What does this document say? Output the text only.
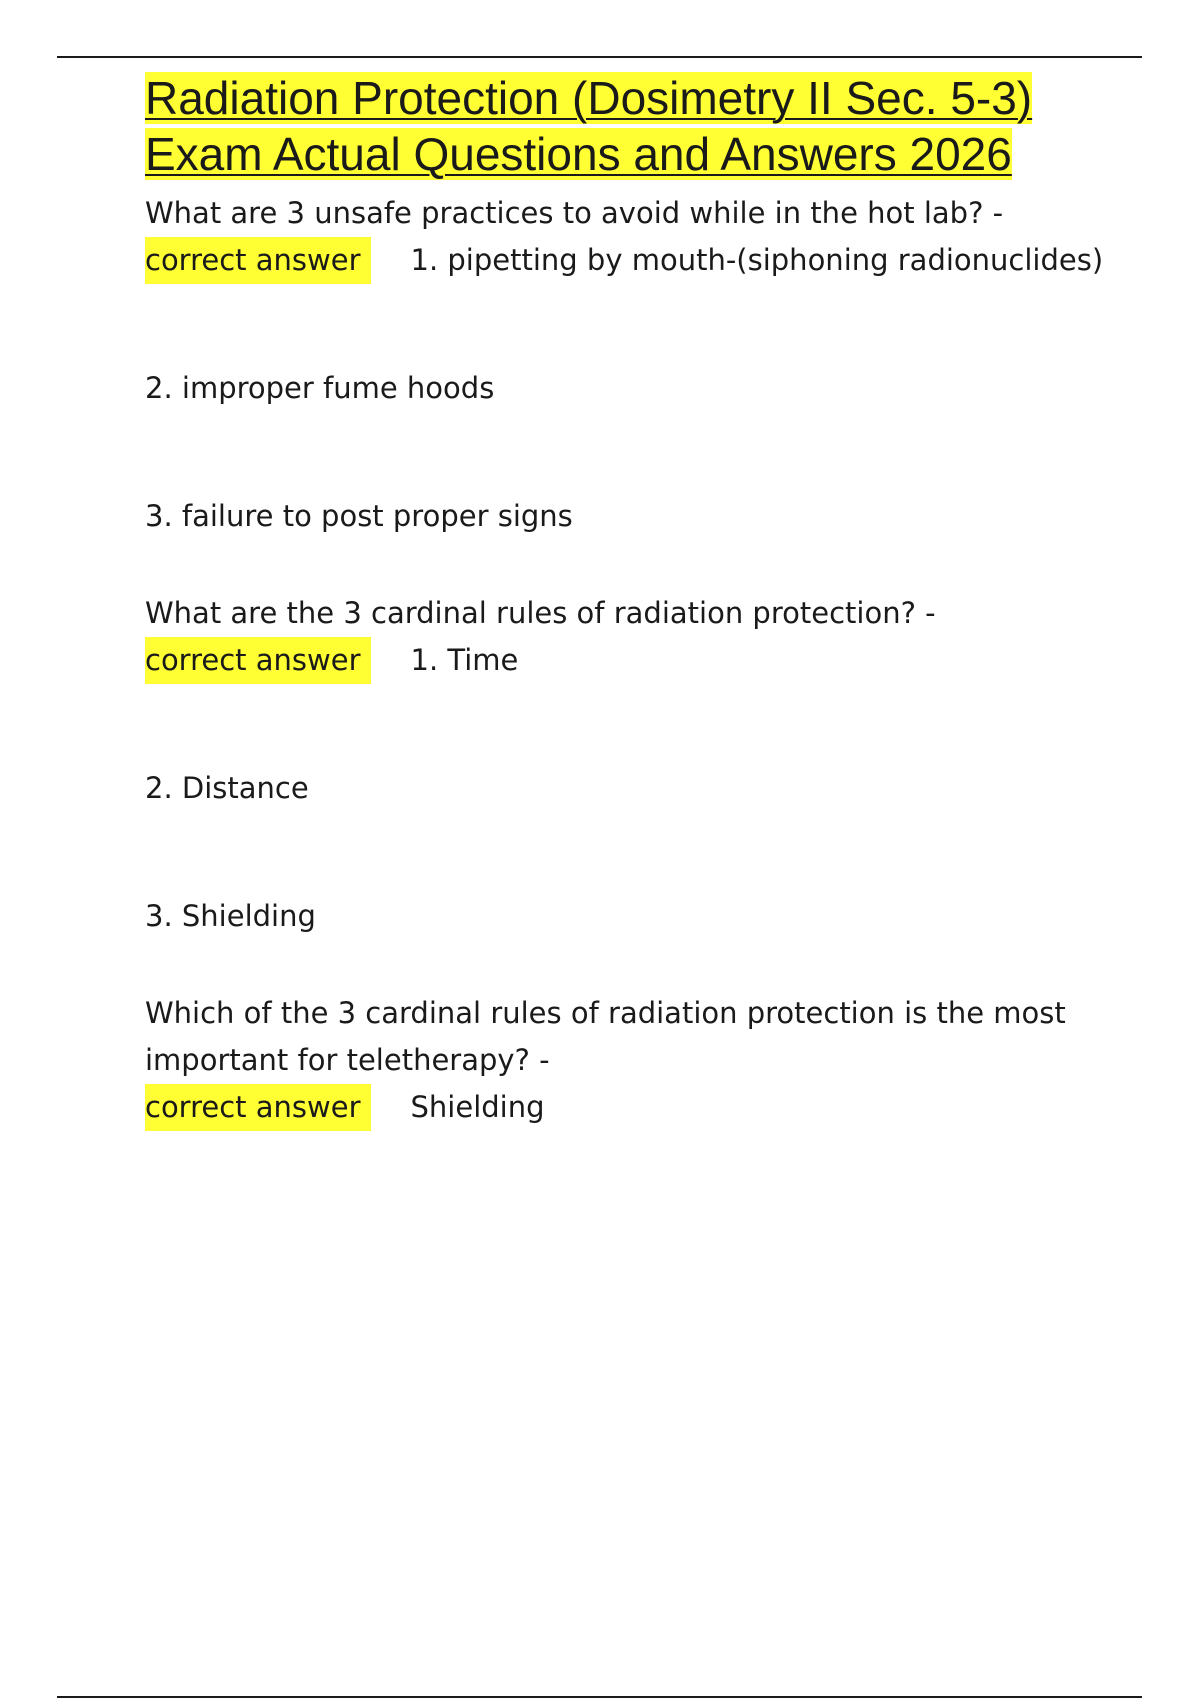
Radiation Protection (Dosimetry II Sec. 5-3) Exam Actual Questions and Answers 2026
What are 3 unsafe practices to avoid while in the hot lab? -
correct answer 1. pipetting by mouth-(siphoning radionuclides)
2. improper fume hoods
3. failure to post proper signs
What are the 3 cardinal rules of radiation protection? -
correct answer 1. Time
2. Distance
3. Shielding
Which of the 3 cardinal rules of radiation protection is the most important for teletherapy? -
correct answer Shielding
